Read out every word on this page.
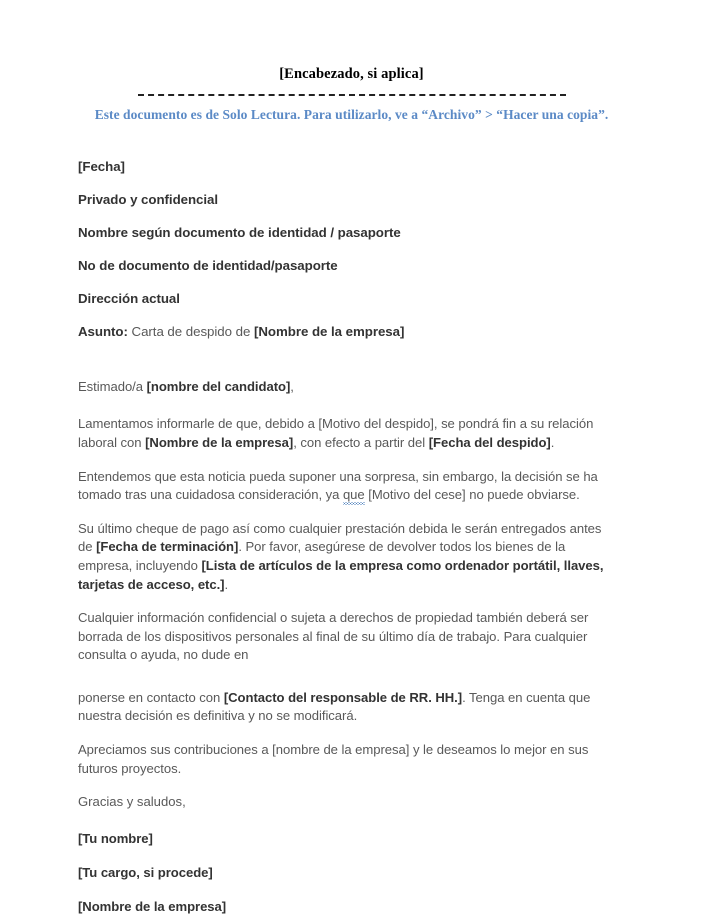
[Encabezado, si aplica]
Este documento es de Solo Lectura. Para utilizarlo, ve a “Archivo” > “Hacer una copia”.
[Fecha]
Privado y confidencial
Nombre según documento de identidad / pasaporte
No de documento de identidad/pasaporte
Dirección actual
Asunto: Carta de despido de [Nombre de la empresa]

Estimado/a [nombre del candidato],

Lamentamos informarle de que, debido a [Motivo del despido], se pondrá fin a su relación laboral con [Nombre de la empresa], con efecto a partir del [Fecha del despido].

Entendemos que esta noticia pueda suponer una sorpresa, sin embargo, la decisión se ha tomado tras una cuidadosa consideración, ya que [Motivo del cese] no puede obviarse.

Su último cheque de pago así como cualquier prestación debida le serán entregados antes de [Fecha de terminación]. Por favor, asegúrese de devolver todos los bienes de la empresa, incluyendo [Lista de artículos de la empresa como ordenador portátil, llaves, tarjetas de acceso, etc.].

Cualquier información confidencial o sujeta a derechos de propiedad también deberá ser borrada de los dispositivos personales al final de su último día de trabajo. Para cualquier consulta o ayuda, no dude en

ponerse en contacto con [Contacto del responsable de RR. HH.]. Tenga en cuenta que nuestra decisión es definitiva y no se modificará.

Apreciamos sus contribuciones a [nombre de la empresa] y le deseamos lo mejor en sus futuros proyectos.

Gracias y saludos,

[Tu nombre]
[Tu cargo, si procede]
[Nombre de la empresa]
